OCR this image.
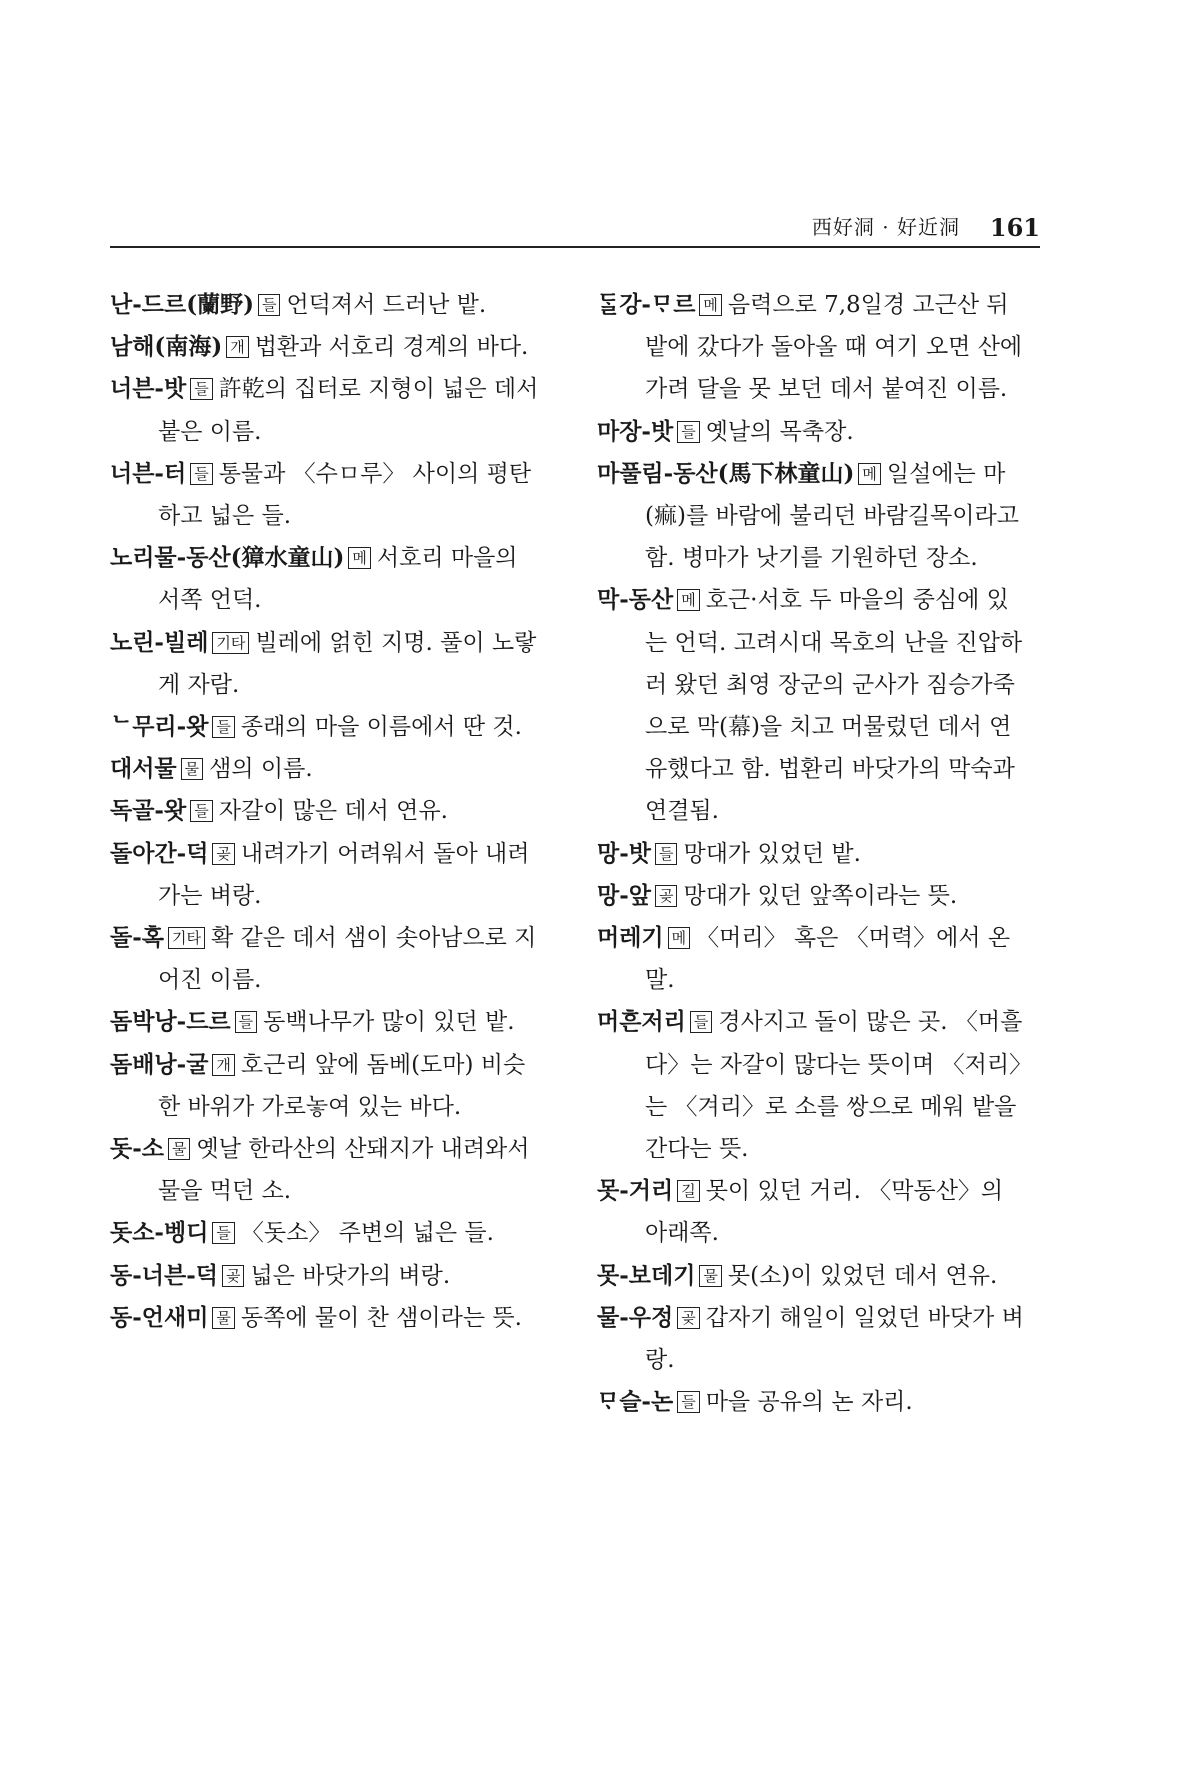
西好洞 · 好近洞 161

난-드르(蘭野) 들 언덕져서 드러난 밭.

남해(南海) 개 법환과 서호리 경계의 바다.

너븐-밧 들 許乾의 집터로 지형이 넓은 데서 붙은 이름.

너븐-터 들 통물과 〈수ㅁ루〉 사이의 평탄하고 넓은 들.

노리물-동산(獐水童山) 메 서호리 마을의 서쪽 언덕.

노린-빌레 기타 빌레에 얽힌 지명. 풀이 노랗게 자람.

ᄂ무리-왓 들 종래의 마을 이름에서 딴 것.

대서물 물 샘의 이름.

독골-왓 들 자갈이 많은 데서 연유.

돌아간-덕 곶 내려가기 어려워서 돌아 내려가는 벼랑.

돌-혹 기타 확 같은 데서 샘이 솟아남으로 지어진 이름.

돔박낭-드르 들 동백나무가 많이 있던 밭.

돔배낭-굴 개 호근리 앞에 돔베(도마) 비슷한 바위가 가로놓여 있는 바다.

돗-소 물 옛날 한라산의 산돼지가 내려와서 물을 먹던 소.

돗소-벵디 들 〈돗소〉 주변의 넓은 들.

동-너븐-덕 곶 넓은 바닷가의 벼랑.

동-언새미 물 동쪽에 물이 찬 샘이라는 뜻.

ᄃᆞᆯ강-ᄆᆞ르 메 음력으로 7,8일경 고근산 뒤 밭에 갔다가 돌아올 때 여기 오면 산에 가려 달을 못 보던 데서 붙여진 이름.

마장-밧 들 옛날의 목축장.

마풀림-동산(馬下林童山) 메 일설에는 마(痲)를 바람에 불리던 바람길목이라고 함. 병마가 낫기를 기원하던 장소.

막-동산 메 호근·서호 두 마을의 중심에 있는 언덕. 고려시대 목호의 난을 진압하러 왔던 최영 장군의 군사가 짐승가죽으로 막(幕)을 치고 머물렀던 데서 연유했다고 함. 법환리 바닷가의 막숙과 연결됨.

망-밧 들 망대가 있었던 밭.

망-앞 곶 망대가 있던 앞쪽이라는 뜻.

머레기 메 〈머리〉 혹은 〈머력〉에서 온 말.

머흔저리 들 경사지고 돌이 많은 곳. 〈머흘다〉는 자갈이 많다는 뜻이며 〈저리〉는 〈겨리〉로 소를 쌍으로 메워 밭을 간다는 뜻.

못-거리 길 못이 있던 거리. 〈막동산〉의 아래쪽.

못-보데기 물 못(소)이 있었던 데서 연유.

물-우정 곶 갑자기 해일이 일었던 바닷가 벼랑.

ᄆᆞ슬-논 들 마을 공유의 논 자리.
